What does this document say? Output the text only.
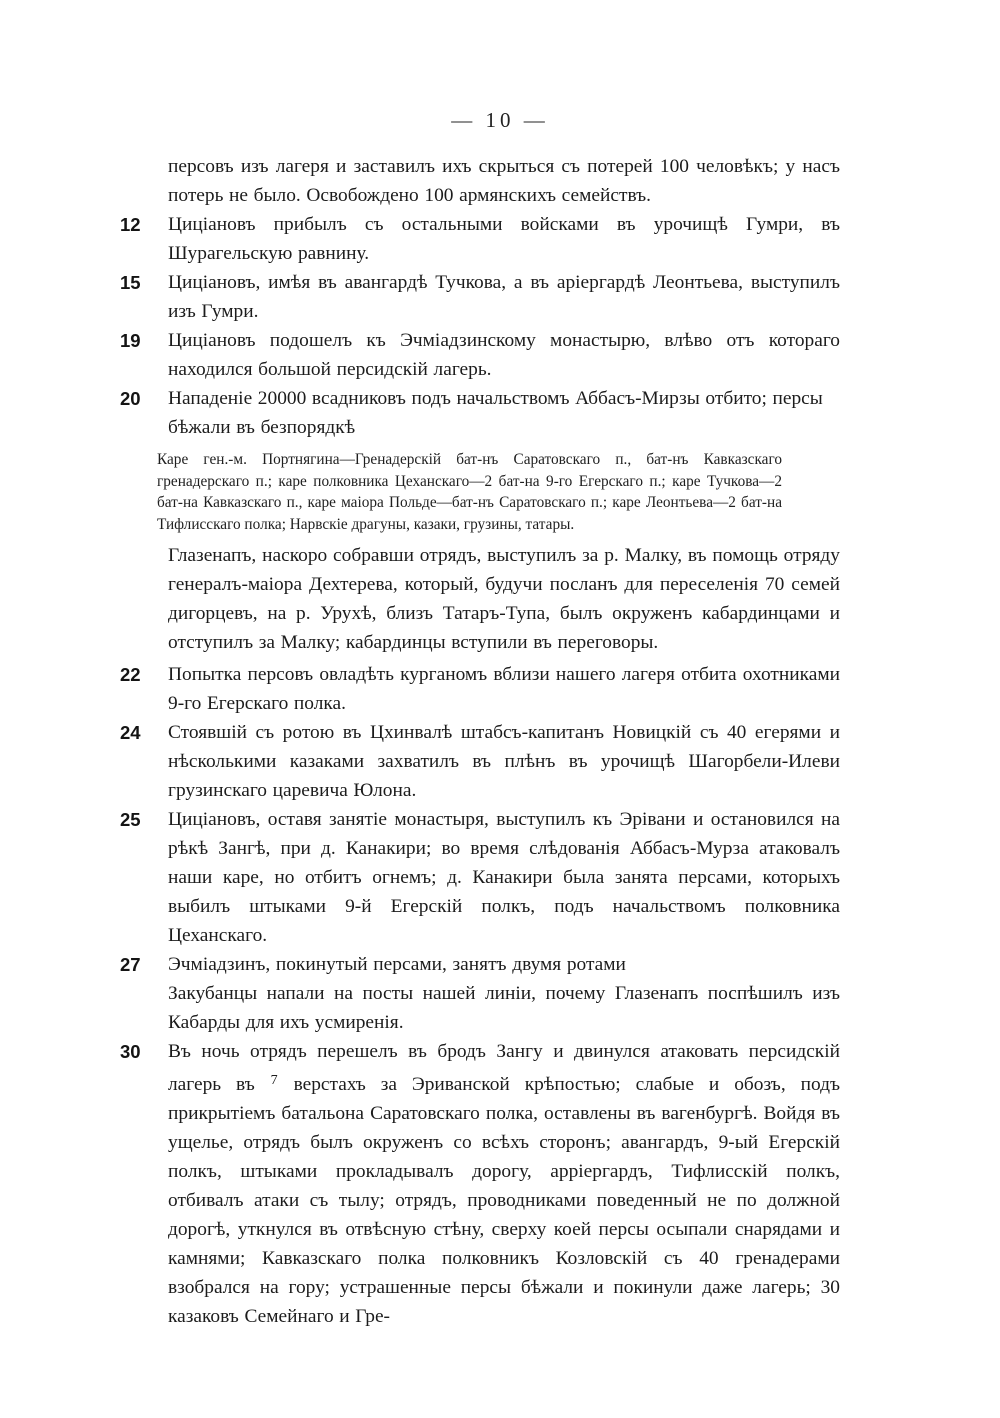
— 10 —

персовъ изъ лагеря и заставилъ ихъ скрыться съ потерей 100 человѣкъ; у насъ потерь не было. Освобождено 100 армянскихъ семействъ.

12	Цицiановъ прибылъ съ остальными войсками въ урочищѣ Гумри, въ Шурагельскую равнину.

15	Цицiановъ, имѣя въ авангардѣ Тучкова, а въ арiергардѣ Леонтьева, выступилъ изъ Гумри.

19	Цицiановъ подошелъ къ Эчмiадзинскому монастырю, влѣво отъ котораго находился большой персидскiй лагерь.

20	Нападенiе 20000 всадниковъ подъ начальствомъ Аббасъ-Мирзы отбито; персы бѣжали въ безпорядкѣ

Каре ген.-м. Портнягина—Гренадерскiй бат-нъ Саратовскаго п., бат-нъ Кавказскаго гренадерскаго п.; каре полковника Цеханскаго—2 бат-на 9-го Егерскаго п.; каре Тучкова—2 бат-на Кавказскаго п., каре маiора Польде—бат-нъ Саратовскаго п.; каре Леонтьева—2 бат-на Тифлисскаго полка; Нарвскiе драгуны, казаки, грузины, татары.

Глазенапъ, наскоро собравши отрядъ, выступилъ за р. Малку, въ помощь отряду генералъ-маiора Дехтерева, который, будучи посланъ для переселенiя 70 семей дигорцевъ, на р. Урухѣ, близъ Татаръ-Тупа, былъ окруженъ кабардинцами и отступилъ за Малку; кабардинцы вступили въ переговоры.

22	Попытка персовъ овладѣть курганомъ вблизи нашего лагеря отбита охотниками 9-го Егерскаго полка.

24	Стоявшiй съ ротою въ Цхинвалѣ штабсъ-капитанъ Новицкiй съ 40 егерями и нѣсколькими казаками захватилъ въ плѣнъ въ урочищѣ Шагорбели-Илеви грузинскаго царевича Юлона.

25	Цицiановъ, оставя занятiе монастыря, выступилъ къ Эрiвани и остановился на рѣкѣ Зангѣ, при д. Канакири; во время слѣдованiя Аббасъ-Мурза атаковалъ наши каре, но отбитъ огнемъ; д. Канакири была занята персами, которыхъ выбилъ штыками 9-й Егерскiй полкъ, подъ начальствомъ полковника Цеханскаго.

27	Эчмiадзинъ, покинутый персами, занятъ двумя ротами

Закубанцы напали на посты нашей линiи, почему Глазенапъ поспѣшилъ изъ Кабарды для ихъ усмиренiя.

30	Въ ночь отрядъ перешелъ въ бродъ Зангу и двинулся атаковать персидскiй лагерь въ $^7$ верстахъ за Эриванской крѣпостью; слабые и обозъ, подъ прикрытiемъ батальона Саратовскаго полка, оставлены въ вагенбургѣ. Войдя въ ущелье, отрядъ былъ окруженъ со всѣхъ сторонъ; авангардъ, 9-ый Егерскiй полкъ, штыками прокладывалъ дорогу, аррiергардъ, Тифлисскiй полкъ, отбивалъ атаки съ тылу; отрядъ, проводниками поведенный не по должной дорогѣ, уткнулся въ отвѣсную стѣну, сверху коей персы осыпали снарядами и камнями; Кавказскаго полка полковникъ Козловскiй съ 40 гренадерами взобрался на гору; устрашенные персы бѣжали и покинули даже лагерь; 30 казаковъ Семейнаго и Гре-
